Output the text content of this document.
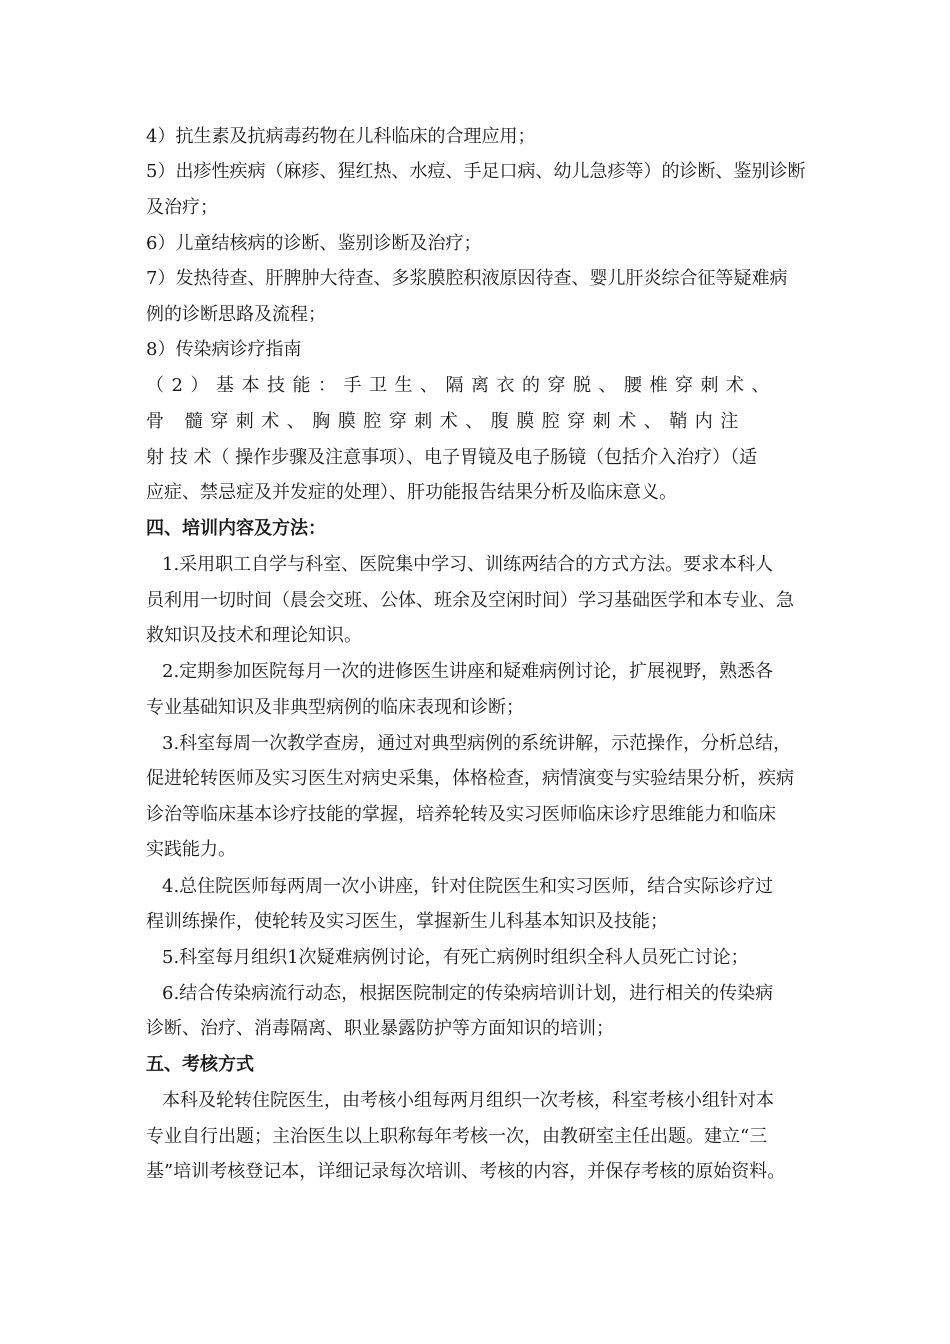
4）抗生素及抗病毒药物在儿科临床的合理应用；
5）出疹性疾病（麻疹、猩红热、水痘、手足口病、幼儿急疹等）的诊断、鉴别诊断
及治疗；
6）儿童结核病的诊断、鉴别诊断及治疗；
7）发热待查、肝脾肿大待查、多浆膜腔积液原因待查、婴儿肝炎综合征等疑难病
例的诊断思路及流程；
8）传染病诊疗指南
（2）基本技能：手卫生、隔离衣的穿脱、腰椎穿刺术、
骨 髓穿刺术、胸膜腔穿刺术、腹膜腔穿刺术、鞘内注
射 技 术（ 操作步骤及注意事项）、电子胃镜及电子肠镜（包括介入治疗）（适
应症、禁忌症及并发症的处理）、肝功能报告结果分析及临床意义。
四、培训内容及方法：
1.采用职工自学与科室、医院集中学习、训练两结合的方式方法。要求本科人
员利用一切时间（晨会交班、公体、班余及空闲时间）学习基础医学和本专业、急
救知识及技术和理论知识。
2.定期参加医院每月一次的进修医生讲座和疑难病例讨论，扩展视野，熟悉各
专业基础知识及非典型病例的临床表现和诊断；
3.科室每周一次教学查房，通过对典型病例的系统讲解，示范操作，分析总结，
促进轮转医师及实习医生对病史采集，体格检查，病情演变与实验结果分析，疾病
诊治等临床基本诊疗技能的掌握，培养轮转及实习医师临床诊疗思维能力和临床
实践能力。
4.总住院医师每两周一次小讲座，针对住院医生和实习医师，结合实际诊疗过
程训练操作，使轮转及实习医生，掌握新生儿科基本知识及技能；
5.科室每月组织1次疑难病例讨论，有死亡病例时组织全科人员死亡讨论；
6.结合传染病流行动态，根据医院制定的传染病培训计划，进行相关的传染病
诊断、治疗、消毒隔离、职业暴露防护等方面知识的培训；
五、考核方式
本科及轮转住院医生，由考核小组每两月组织一次考核，科室考核小组针对本
专业自行出题；主治医生以上职称每年考核一次，由教研室主任出题。建立“三
基”培训考核登记本，详细记录每次培训、考核的内容，并保存考核的原始资料。
